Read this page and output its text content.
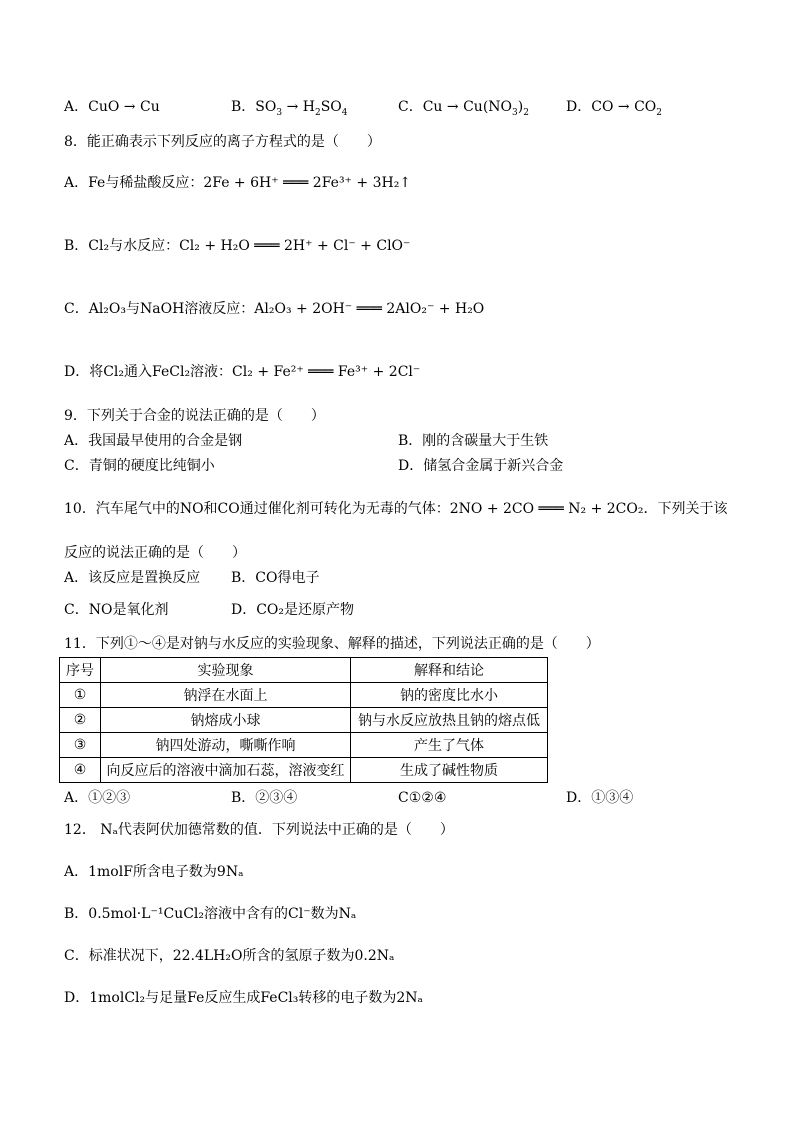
A．CuO → Cu	B．$SO_3 \to H_2SO_4$	C．$Cu \to Cu(NO_3)_2$	D．CO → $CO_2$
8．能正确表示下列反应的离子方程式的是（　　）
A．Fe与稀盐酸反应：2Fe + 6H⁺ ═══ 2Fe³⁺ + 3H₂↑
B．Cl₂与水反应：Cl₂ + H₂O ═══ 2H⁺ + Cl⁻ + ClO⁻
C．Al₂O₃与NaOH溶液反应：Al₂O₃ + 2OH⁻ ═══ 2AlO₂⁻ + H₂O
D．将Cl₂通入FeCl₂溶液：Cl₂ + Fe²⁺ ═══ Fe³⁺ + 2Cl⁻
9．下列关于合金的说法正确的是（　　）
A．我国最早使用的合金是钢	B．刚的含碳量大于生铁
C．青铜的硬度比纯铜小	D．储氢合金属于新兴合金
10．汽车尾气中的NO和CO通过催化剂可转化为无毒的气体：2NO + 2CO ═══ N₂ + 2CO₂．下列关于该
反应的说法正确的是（　　）
A．该反应是置换反应 B．CO得电子
C．NO是氧化剂	D．CO₂是还原产物
11．下列①～④是对钠与水反应的实验现象、解释的描述，下列说法正确的是（　　）
序号	实验现象	解释和结论
①	钠浮在水面上	钠的密度比水小
②	钠熔成小球	钠与水反应放热且钠的熔点低
③	钠四处游动，嘶嘶作响	产生了气体
④	向反应后的溶液中滴加石蕊，溶液变红	生成了碱性物质
A．①②③	B．②③④	C①②④	D．①③④
12． Nₐ代表阿伏加德常数的值．下列说法中正确的是（　　）
A．1molF所含电子数为9Nₐ
B．0.5mol·L⁻¹CuCl₂溶液中含有的Cl⁻数为Nₐ
C．标准状况下，22.4LH₂O所含的氢原子数为0.2Nₐ
D．1molCl₂与足量Fe反应生成FeCl₃转移的电子数为2Nₐ
